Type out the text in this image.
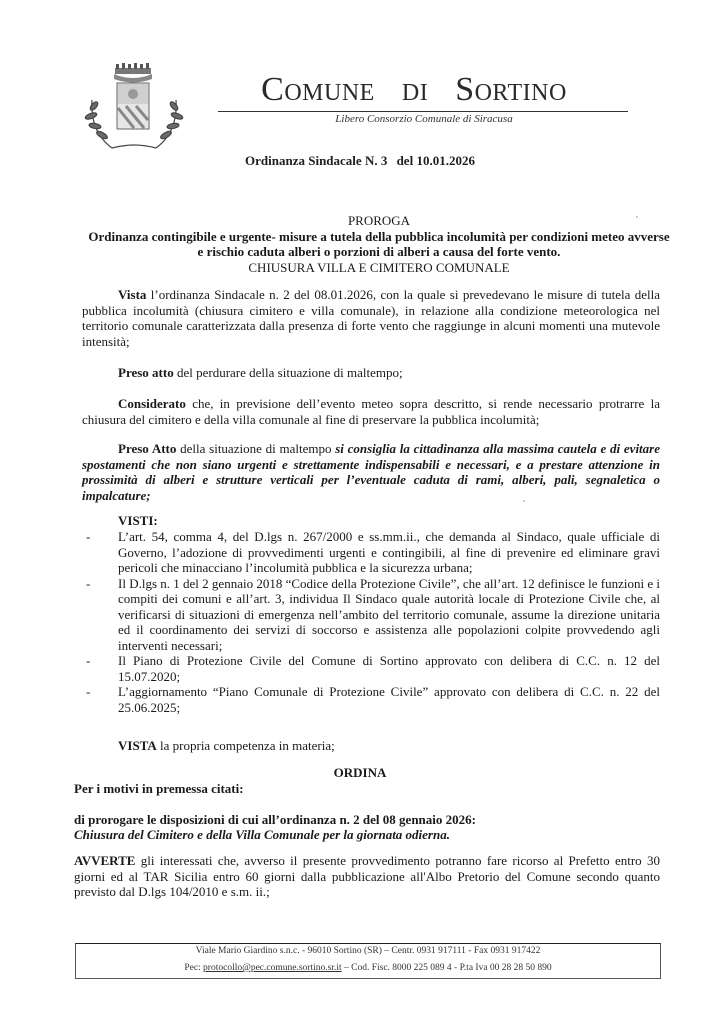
Comune di Sortino
Libero Consorzio Comunale di Siracusa
Ordinanza Sindacale N. 3 del 10.01.2026
PROROGA
Ordinanza contingibile e urgente- misure a tutela della pubblica incolumità per condizioni meteo avverse e rischio caduta alberi o porzioni di alberi a causa del forte vento.
CHIUSURA VILLA E CIMITERO COMUNALE
Vista l’ordinanza Sindacale n. 2 del 08.01.2026, con la quale si prevedevano le misure di tutela della pubblica incolumità (chiusura cimitero e villa comunale), in relazione alla condizione meteorologica nel territorio comunale caratterizzata dalla presenza di forte vento che raggiunge in alcuni momenti una mutevole intensità;
Preso atto del perdurare della situazione di maltempo;
Considerato che, in previsione dell’evento meteo sopra descritto, si rende necessario protrarre la chiusura del cimitero e della villa comunale al fine di preservare la pubblica incolumità;
Preso Atto della situazione di maltempo si consiglia la cittadinanza alla massima cautela e di evitare spostamenti che non siano urgenti e strettamente indispensabili e necessari, e a prestare attenzione in prossimità di alberi e strutture verticali per l’eventuale caduta di rami, alberi, pali, segnaletica o impalcature;
VISTI:
- L’art. 54, comma 4, del D.lgs n. 267/2000 e ss.mm.ii., che demanda al Sindaco, quale ufficiale di Governo, l’adozione di provvedimenti urgenti e contingibili, al fine di prevenire ed eliminare gravi pericoli che minacciano l’incolumità pubblica e la sicurezza urbana;
- Il D.lgs n. 1 del 2 gennaio 2018 “Codice della Protezione Civile”, che all’art. 12 definisce le funzioni e i compiti dei comuni e all’art. 3, individua Il Sindaco quale autorità locale di Protezione Civile che, al verificarsi di situazioni di emergenza nell’ambito del territorio comunale, assume la direzione unitaria ed il coordinamento dei servizi di soccorso e assistenza alle popolazioni colpite provvedendo agli interventi necessari;
- Il Piano di Protezione Civile del Comune di Sortino approvato con delibera di C.C. n. 12 del 15.07.2020;
- L’aggiornamento “Piano Comunale di Protezione Civile” approvato con delibera di C.C. n. 22 del 25.06.2025;
VISTA la propria competenza in materia;
ORDINA
Per i motivi in premessa citati:
di prorogare le disposizioni di cui all’ordinanza n. 2 del 08 gennaio 2026:
Chiusura del Cimitero e della Villa Comunale per la giornata odierna.
AVVERTE gli interessati che, avverso il presente provvedimento potranno fare ricorso al Prefetto entro 30 giorni ed al TAR Sicilia entro 60 giorni dalla pubblicazione all'Albo Pretorio del Comune secondo quanto previsto dal D.lgs 104/2010 e s.m. ii.;
Viale Mario Giardino s.n.c. - 96010 Sortino (SR) – Centr. 0931 917111 - Fax 0931 917422
Pec: protocollo@pec.comune.sortino.sr.it – Cod. Fisc. 8000 225 089 4 - P.ta Iva 00 28 28 50 890
